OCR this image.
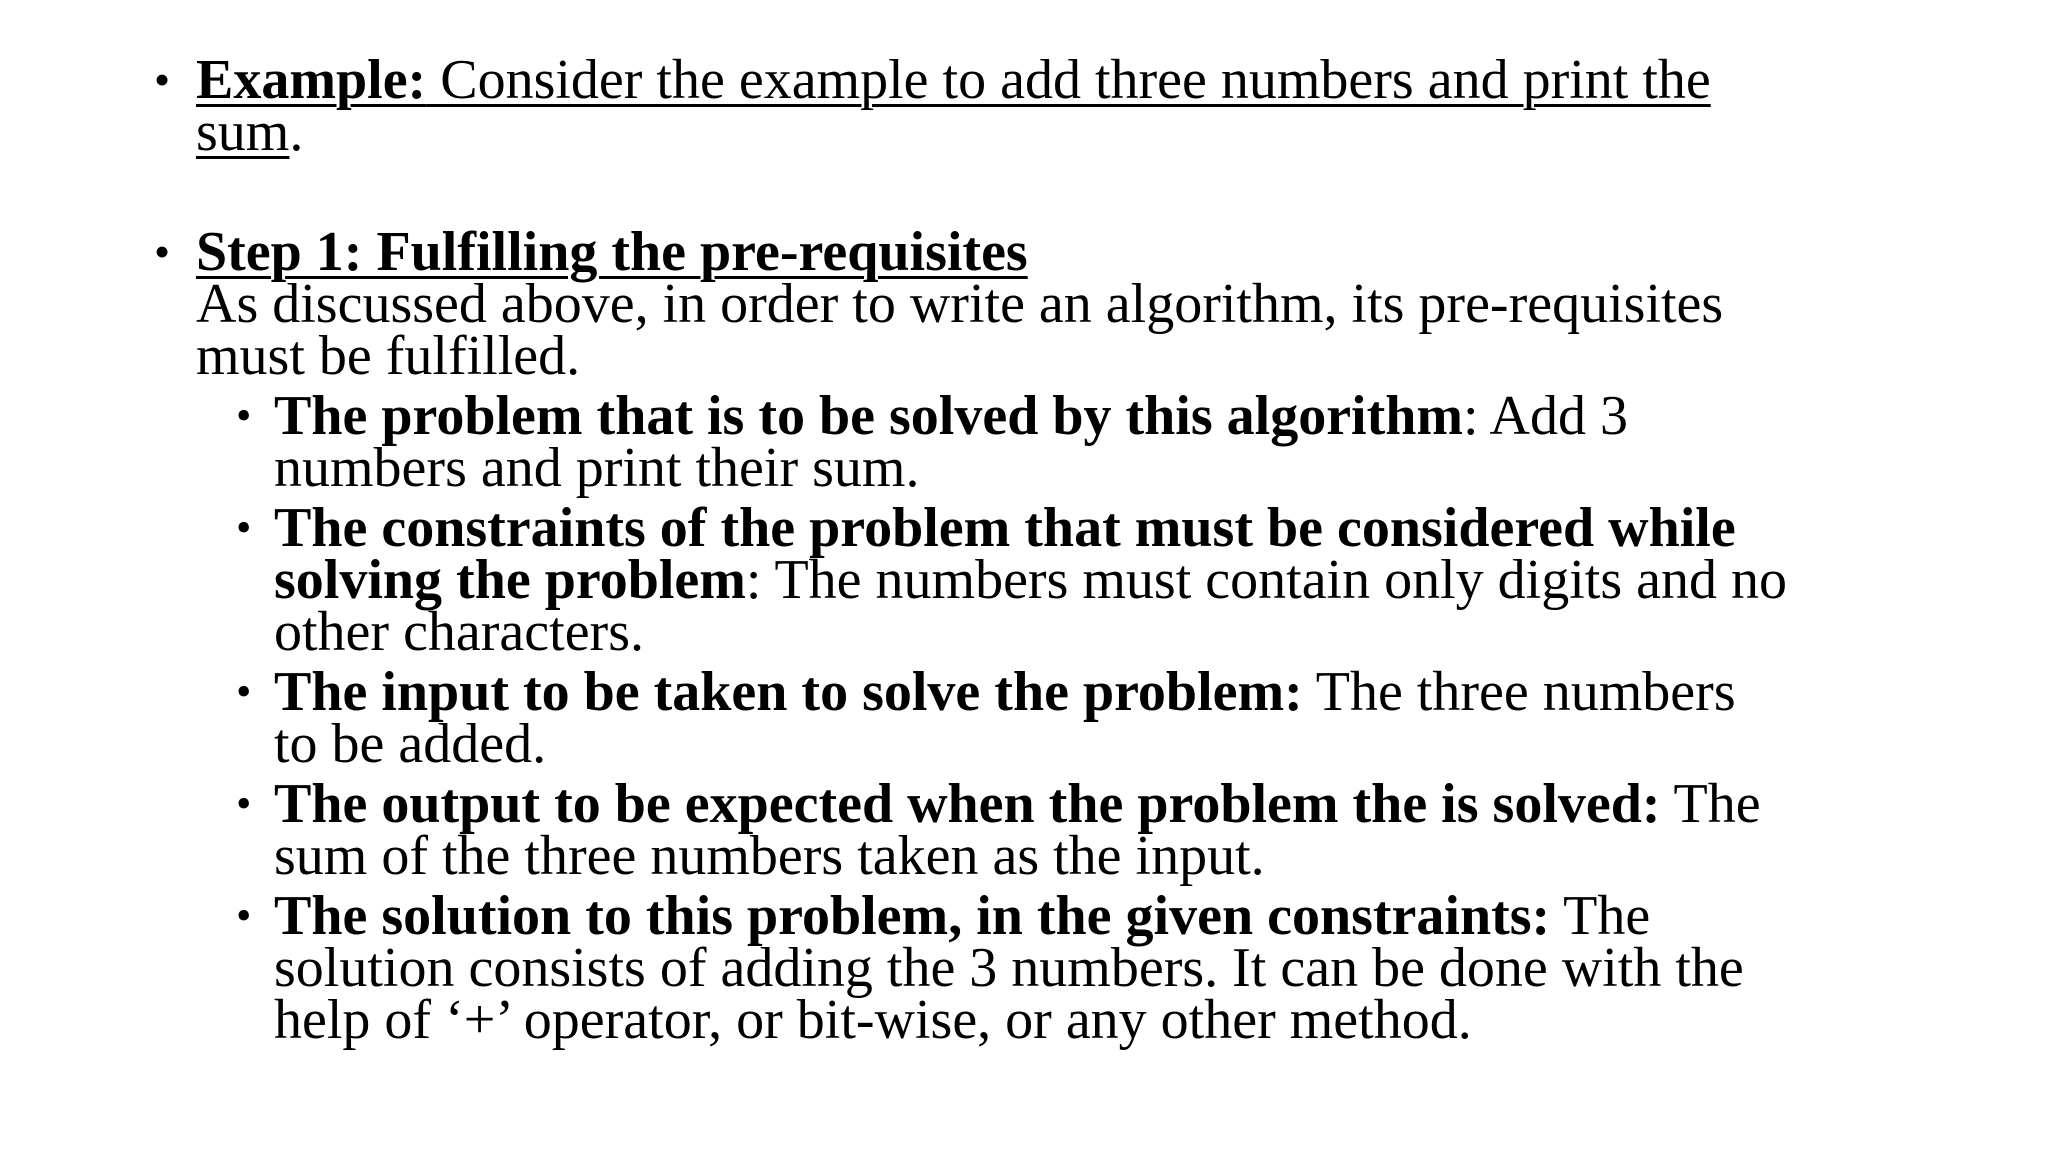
• Example: Consider the example to add three numbers and print the
sum.
• Step 1: Fulfilling the pre-requisites
As discussed above, in order to write an algorithm, its pre-requisites
must be fulfilled.
• The problem that is to be solved by this algorithm: Add 3
numbers and print their sum.
• The constraints of the problem that must be considered while
solving the problem: The numbers must contain only digits and no
other characters.
• The input to be taken to solve the problem: The three numbers
to be added.
• The output to be expected when the problem the is solved: The
sum of the three numbers taken as the input.
• The solution to this problem, in the given constraints: The
solution consists of adding the 3 numbers. It can be done with the
help of ‘+’ operator, or bit-wise, or any other method.
